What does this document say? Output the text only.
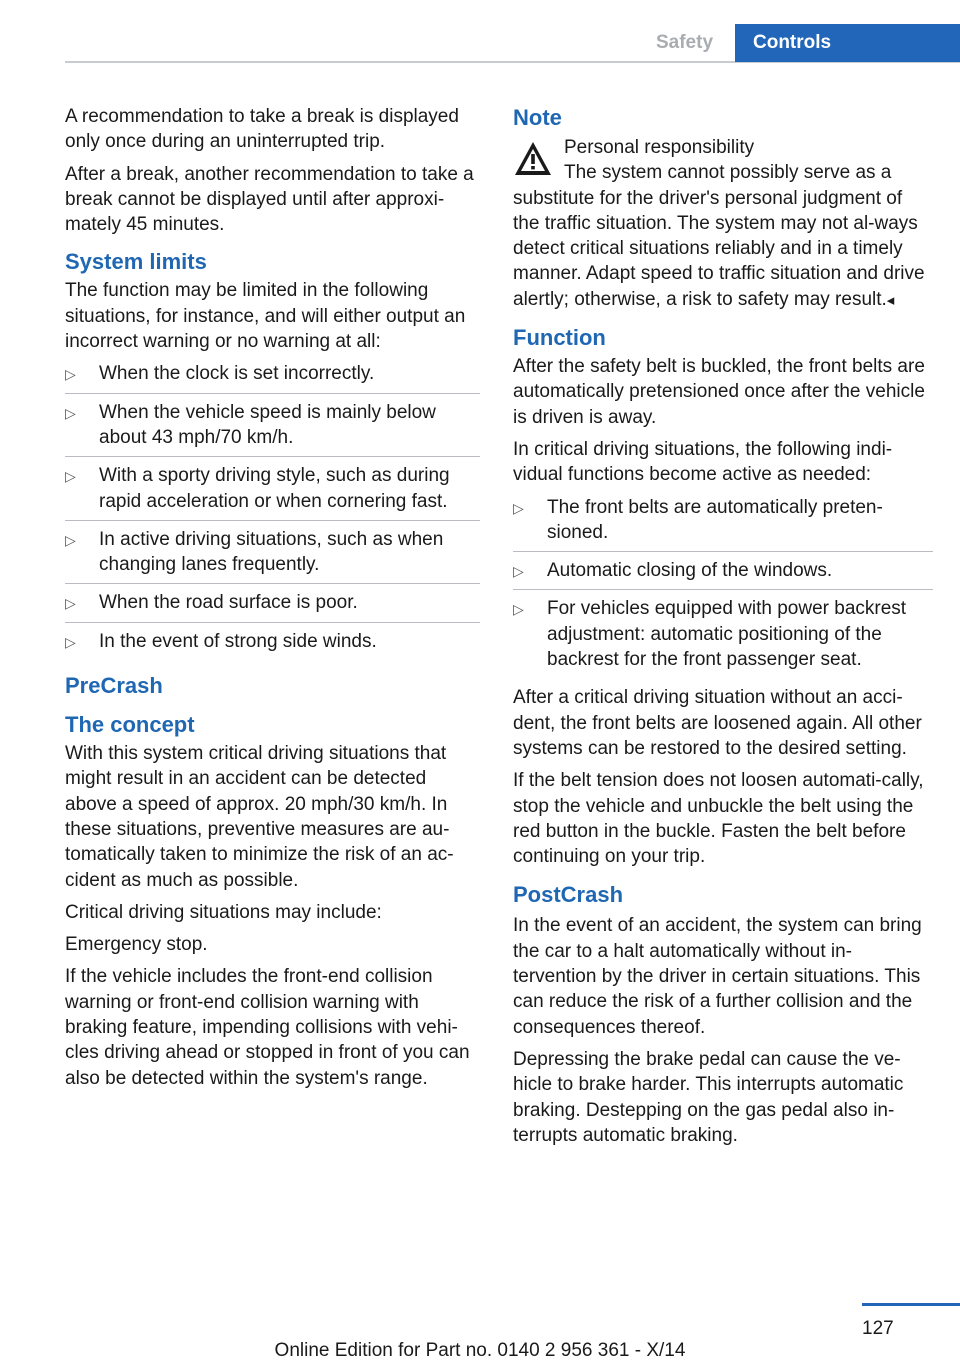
Safety	Controls

A recommendation to take a break is displayed only once during an uninterrupted trip.

After a break, another recommendation to take a break cannot be displayed until after approxi-mately 45 minutes.

System limits

The function may be limited in the following situations, for instance, and will either output an incorrect warning or no warning at all:

▷	When the clock is set incorrectly.
▷	When the vehicle speed is mainly below about 43 mph/70 km/h.
▷	With a sporty driving style, such as during rapid acceleration or when cornering fast.
▷	In active driving situations, such as when changing lanes frequently.
▷	When the road surface is poor.
▷	In the event of strong side winds.
PreCrash
The concept

With this system critical driving situations that might result in an accident can be detected above a speed of approx. 20 mph/30 km/h. In these situations, preventive measures are au-tomatically taken to minimize the risk of an ac-cident as much as possible.

Critical driving situations may include:

Emergency stop.

If the vehicle includes the front-end collision warning or front-end collision warning with braking feature, impending collisions with vehi-cles driving ahead or stopped in front of you can also be detected within the system's range.

Note

Personal responsibility

The system cannot possibly serve as a substitute for the driver's personal judgment of the traffic situation. The system may not al-ways detect critical situations reliably and in a timely manner. Adapt speed to traffic situation and drive alertly; otherwise, a risk to safety may result.◂

Function

After the safety belt is buckled, the front belts are automatically pretensioned once after the vehicle is driven is away.

In critical driving situations, the following indi-vidual functions become active as needed:

▷	The front belts are automatically preten-sioned.
▷	Automatic closing of the windows.
▷	For vehicles equipped with power backrest adjustment: automatic positioning of the backrest for the front passenger seat.

After a critical driving situation without an acci-dent, the front belts are loosened again. All other systems can be restored to the desired setting.

If the belt tension does not loosen automati-cally, stop the vehicle and unbuckle the belt using the red button in the buckle. Fasten the belt before continuing on your trip.

PostCrash

In the event of an accident, the system can bring the car to a halt automatically without in-tervention by the driver in certain situations. This can reduce the risk of a further collision and the consequences thereof.

Depressing the brake pedal can cause the ve-hicle to brake harder. This interrupts automatic braking. Destepping on the gas pedal also in-terrupts automatic braking.

127
Online Edition for Part no. 0140 2 956 361 - X/14
